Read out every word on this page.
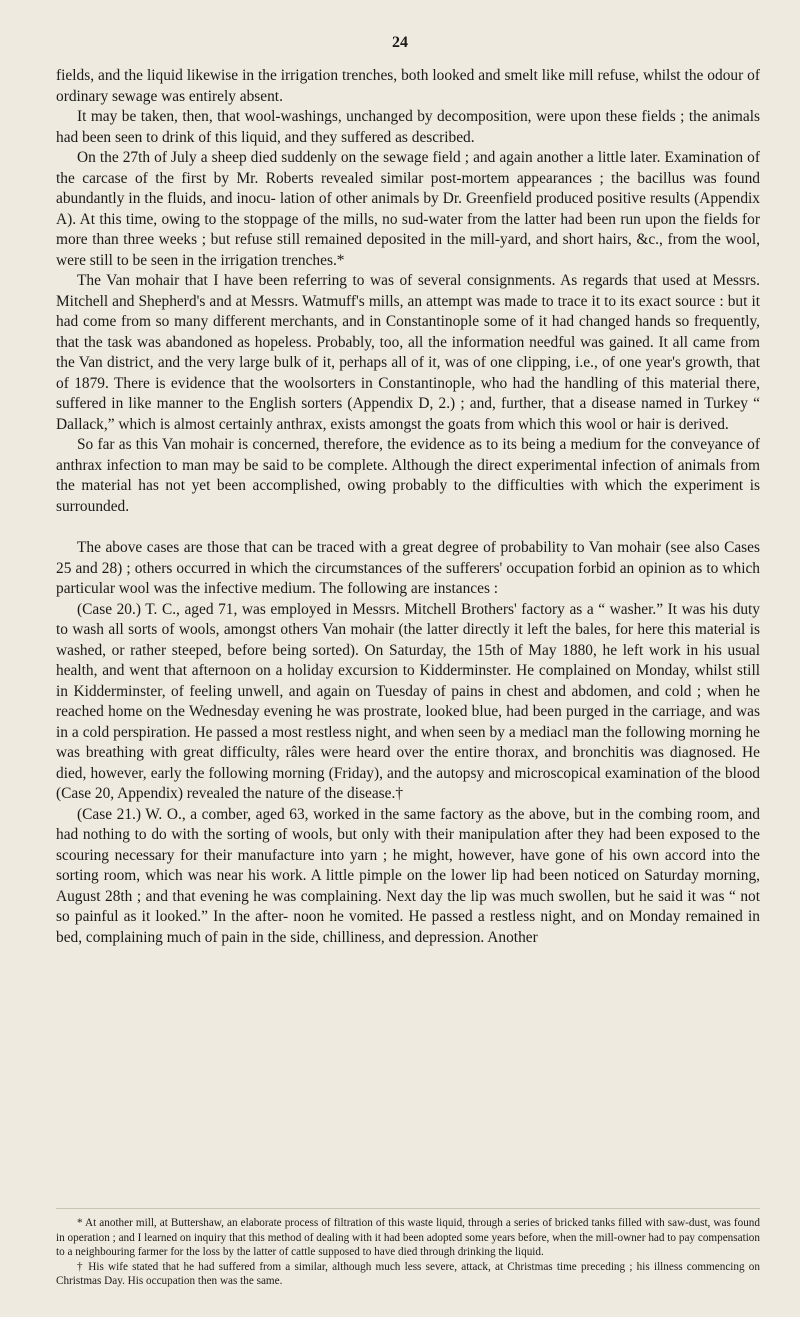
24

fields, and the liquid likewise in the irrigation trenches, both looked and smelt like mill refuse, whilst the odour of ordinary sewage was entirely absent.

It may be taken, then, that wool-washings, unchanged by decomposition, were upon these fields ; the animals had been seen to drink of this liquid, and they suffered as described.

On the 27th of July a sheep died suddenly on the sewage field ; and again another a little later. Examination of the carcase of the first by Mr. Roberts revealed similar post-mortem appearances ; the bacillus was found abundantly in the fluids, and inocu- lation of other animals by Dr. Greenfield produced positive results (Appendix A). At this time, owing to the stoppage of the mills, no sud-water from the latter had been run upon the fields for more than three weeks ; but refuse still remained deposited in the mill-yard, and short hairs, &c., from the wool, were still to be seen in the irrigation trenches.*

The Van mohair that I have been referring to was of several consignments. As regards that used at Messrs. Mitchell and Shepherd's and at Messrs. Watmuff's mills, an attempt was made to trace it to its exact source : but it had come from so many different merchants, and in Constantinople some of it had changed hands so frequently, that the task was abandoned as hopeless. Probably, too, all the information needful was gained. It all came from the Van district, and the very large bulk of it, perhaps all of it, was of one clipping, i.e., of one year's growth, that of 1879. There is evidence that the woolsorters in Constantinople, who had the handling of this material there, suffered in like manner to the English sorters (Appendix D, 2.) ; and, further, that a disease named in Turkey “ Dallack,” which is almost certainly anthrax, exists amongst the goats from which this wool or hair is derived.

So far as this Van mohair is concerned, therefore, the evidence as to its being a medium for the conveyance of anthrax infection to man may be said to be complete. Although the direct experimental infection of animals from the material has not yet been accomplished, owing probably to the difficulties with which the experiment is surrounded.

The above cases are those that can be traced with a great degree of probability to Van mohair (see also Cases 25 and 28) ; others occurred in which the circumstances of the sufferers' occupation forbid an opinion as to which particular wool was the infective medium. The following are instances :

(Case 20.) T. C., aged 71, was employed in Messrs. Mitchell Brothers' factory as a “ washer.” It was his duty to wash all sorts of wools, amongst others Van mohair (the latter directly it left the bales, for here this material is washed, or rather steeped, before being sorted). On Saturday, the 15th of May 1880, he left work in his usual health, and went that afternoon on a holiday excursion to Kidderminster. He complained on Monday, whilst still in Kidderminster, of feeling unwell, and again on Tuesday of pains in chest and abdomen, and cold ; when he reached home on the Wednesday evening he was prostrate, looked blue, had been purged in the carriage, and was in a cold perspiration. He passed a most restless night, and when seen by a mediacl man the following morning he was breathing with great difficulty, râles were heard over the entire thorax, and bronchitis was diagnosed. He died, however, early the following morning (Friday), and the autopsy and microscopical examination of the blood (Case 20, Appendix) revealed the nature of the disease.†

(Case 21.) W. O., a comber, aged 63, worked in the same factory as the above, but in the combing room, and had nothing to do with the sorting of wools, but only with their manipulation after they had been exposed to the scouring necessary for their manufacture into yarn ; he might, however, have gone of his own accord into the sorting room, which was near his work. A little pimple on the lower lip had been noticed on Saturday morning, August 28th ; and that evening he was complaining. Next day the lip was much swollen, but he said it was “ not so painful as it looked.” In the after- noon he vomited. He passed a restless night, and on Monday remained in bed, complaining much of pain in the side, chilliness, and depression. Another

* At another mill, at Buttershaw, an elaborate process of filtration of this waste liquid, through a series of bricked tanks filled with saw-dust, was found in operation ; and I learned on inquiry that this method of dealing with it had been adopted some years before, when the mill-owner had to pay compensation to a neighbouring farmer for the loss by the latter of cattle supposed to have died through drinking the liquid.

† His wife stated that he had suffered from a similar, although much less severe, attack, at Christmas time preceding ; his illness commencing on Christmas Day. His occupation then was the same.
